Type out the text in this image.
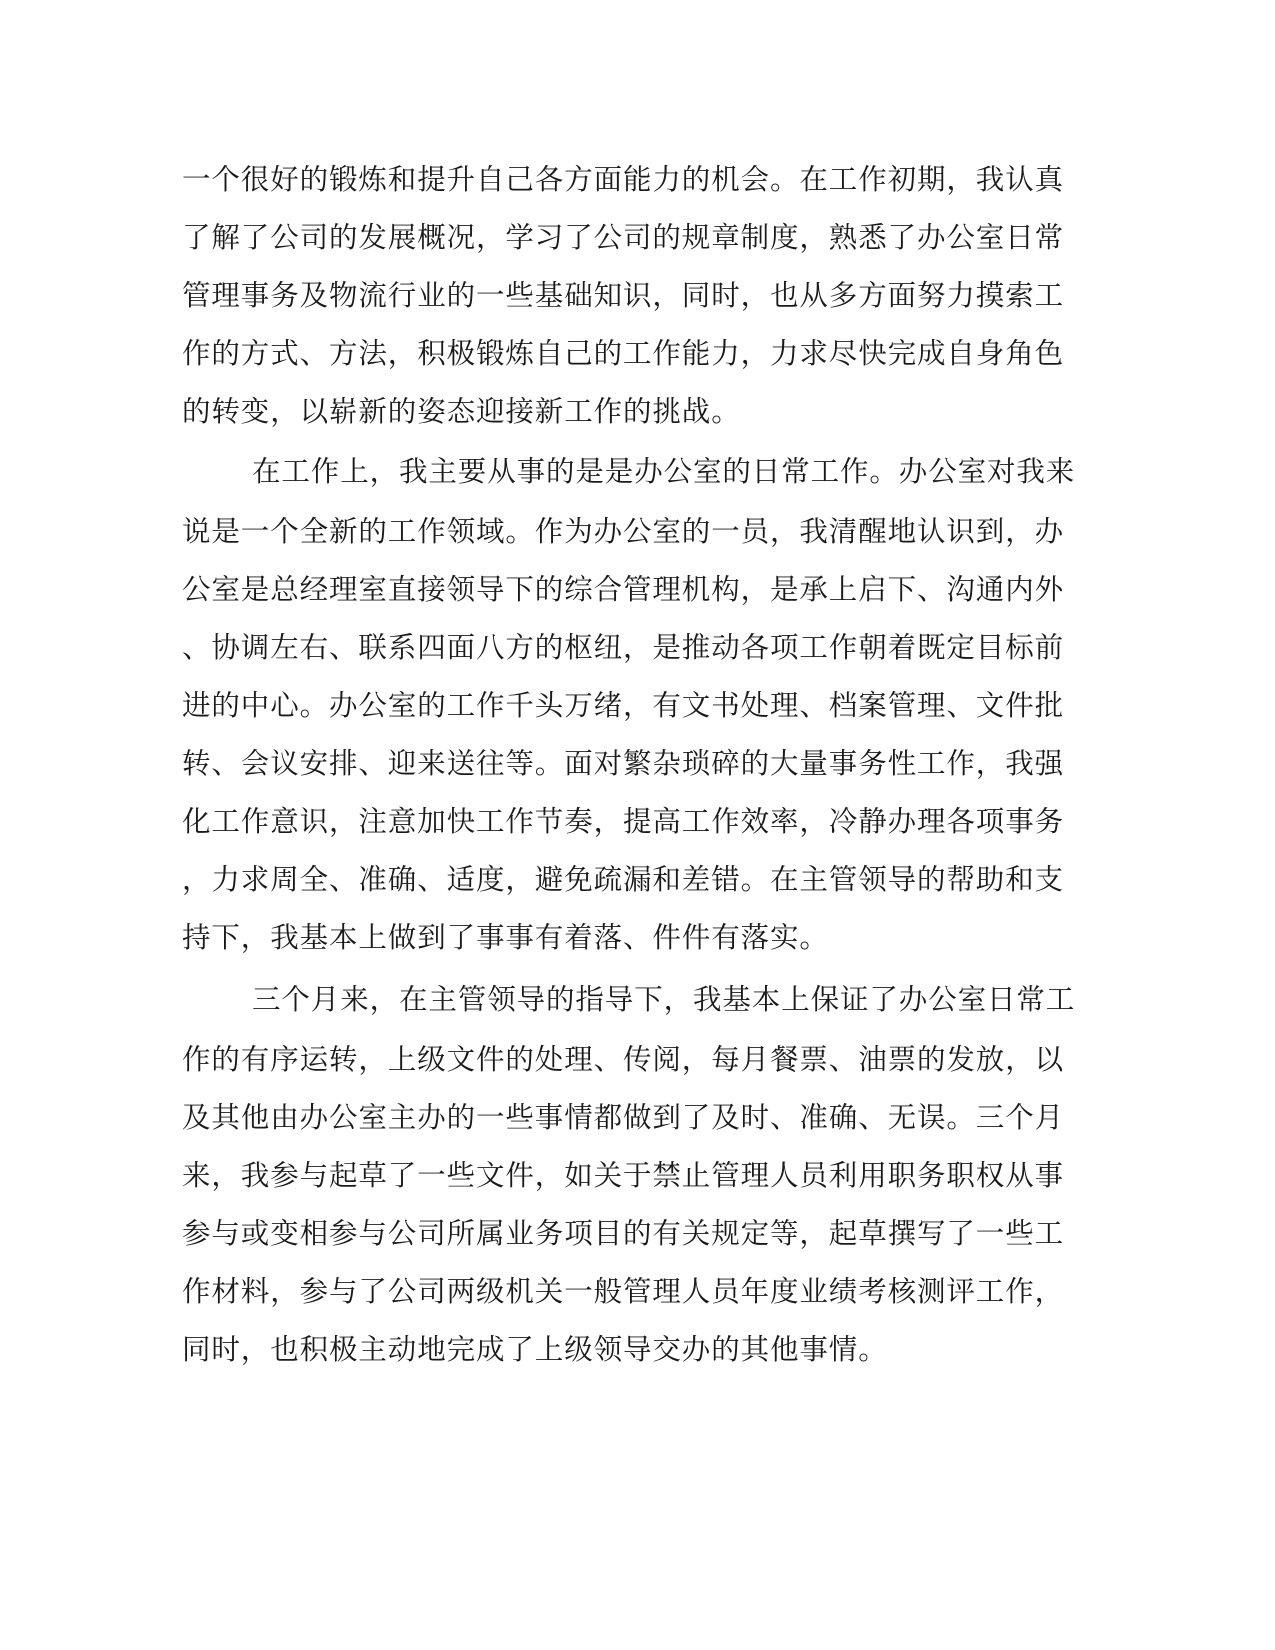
一个很好的锻炼和提升自己各方面能力的机会。在工作初期，我认真

了解了公司的发展概况，学习了公司的规章制度，熟悉了办公室日常

管理事务及物流行业的一些基础知识，同时，也从多方面努力摸索工

作的方式、方法，积极锻炼自己的工作能力，力求尽快完成自身角色

的转变，以崭新的姿态迎接新工作的挑战。

在工作上，我主要从事的是是办公室的日常工作。办公室对我来

说是一个全新的工作领域。作为办公室的一员，我清醒地认识到，办

公室是总经理室直接领导下的综合管理机构，是承上启下、沟通内外

、协调左右、联系四面八方的枢纽，是推动各项工作朝着既定目标前

进的中心。办公室的工作千头万绪，有文书处理、档案管理、文件批

转、会议安排、迎来送往等。面对繁杂琐碎的大量事务性工作，我强

化工作意识，注意加快工作节奏，提高工作效率，冷静办理各项事务

，力求周全、准确、适度，避免疏漏和差错。在主管领导的帮助和支

持下，我基本上做到了事事有着落、件件有落实。

三个月来，在主管领导的指导下，我基本上保证了办公室日常工

作的有序运转，上级文件的处理、传阅，每月餐票、油票的发放，以

及其他由办公室主办的一些事情都做到了及时、准确、无误。三个月

来，我参与起草了一些文件，如关于禁止管理人员利用职务职权从事

参与或变相参与公司所属业务项目的有关规定等，起草撰写了一些工

作材料，参与了公司两级机关一般管理人员年度业绩考核测评工作，

同时，也积极主动地完成了上级领导交办的其他事情。
